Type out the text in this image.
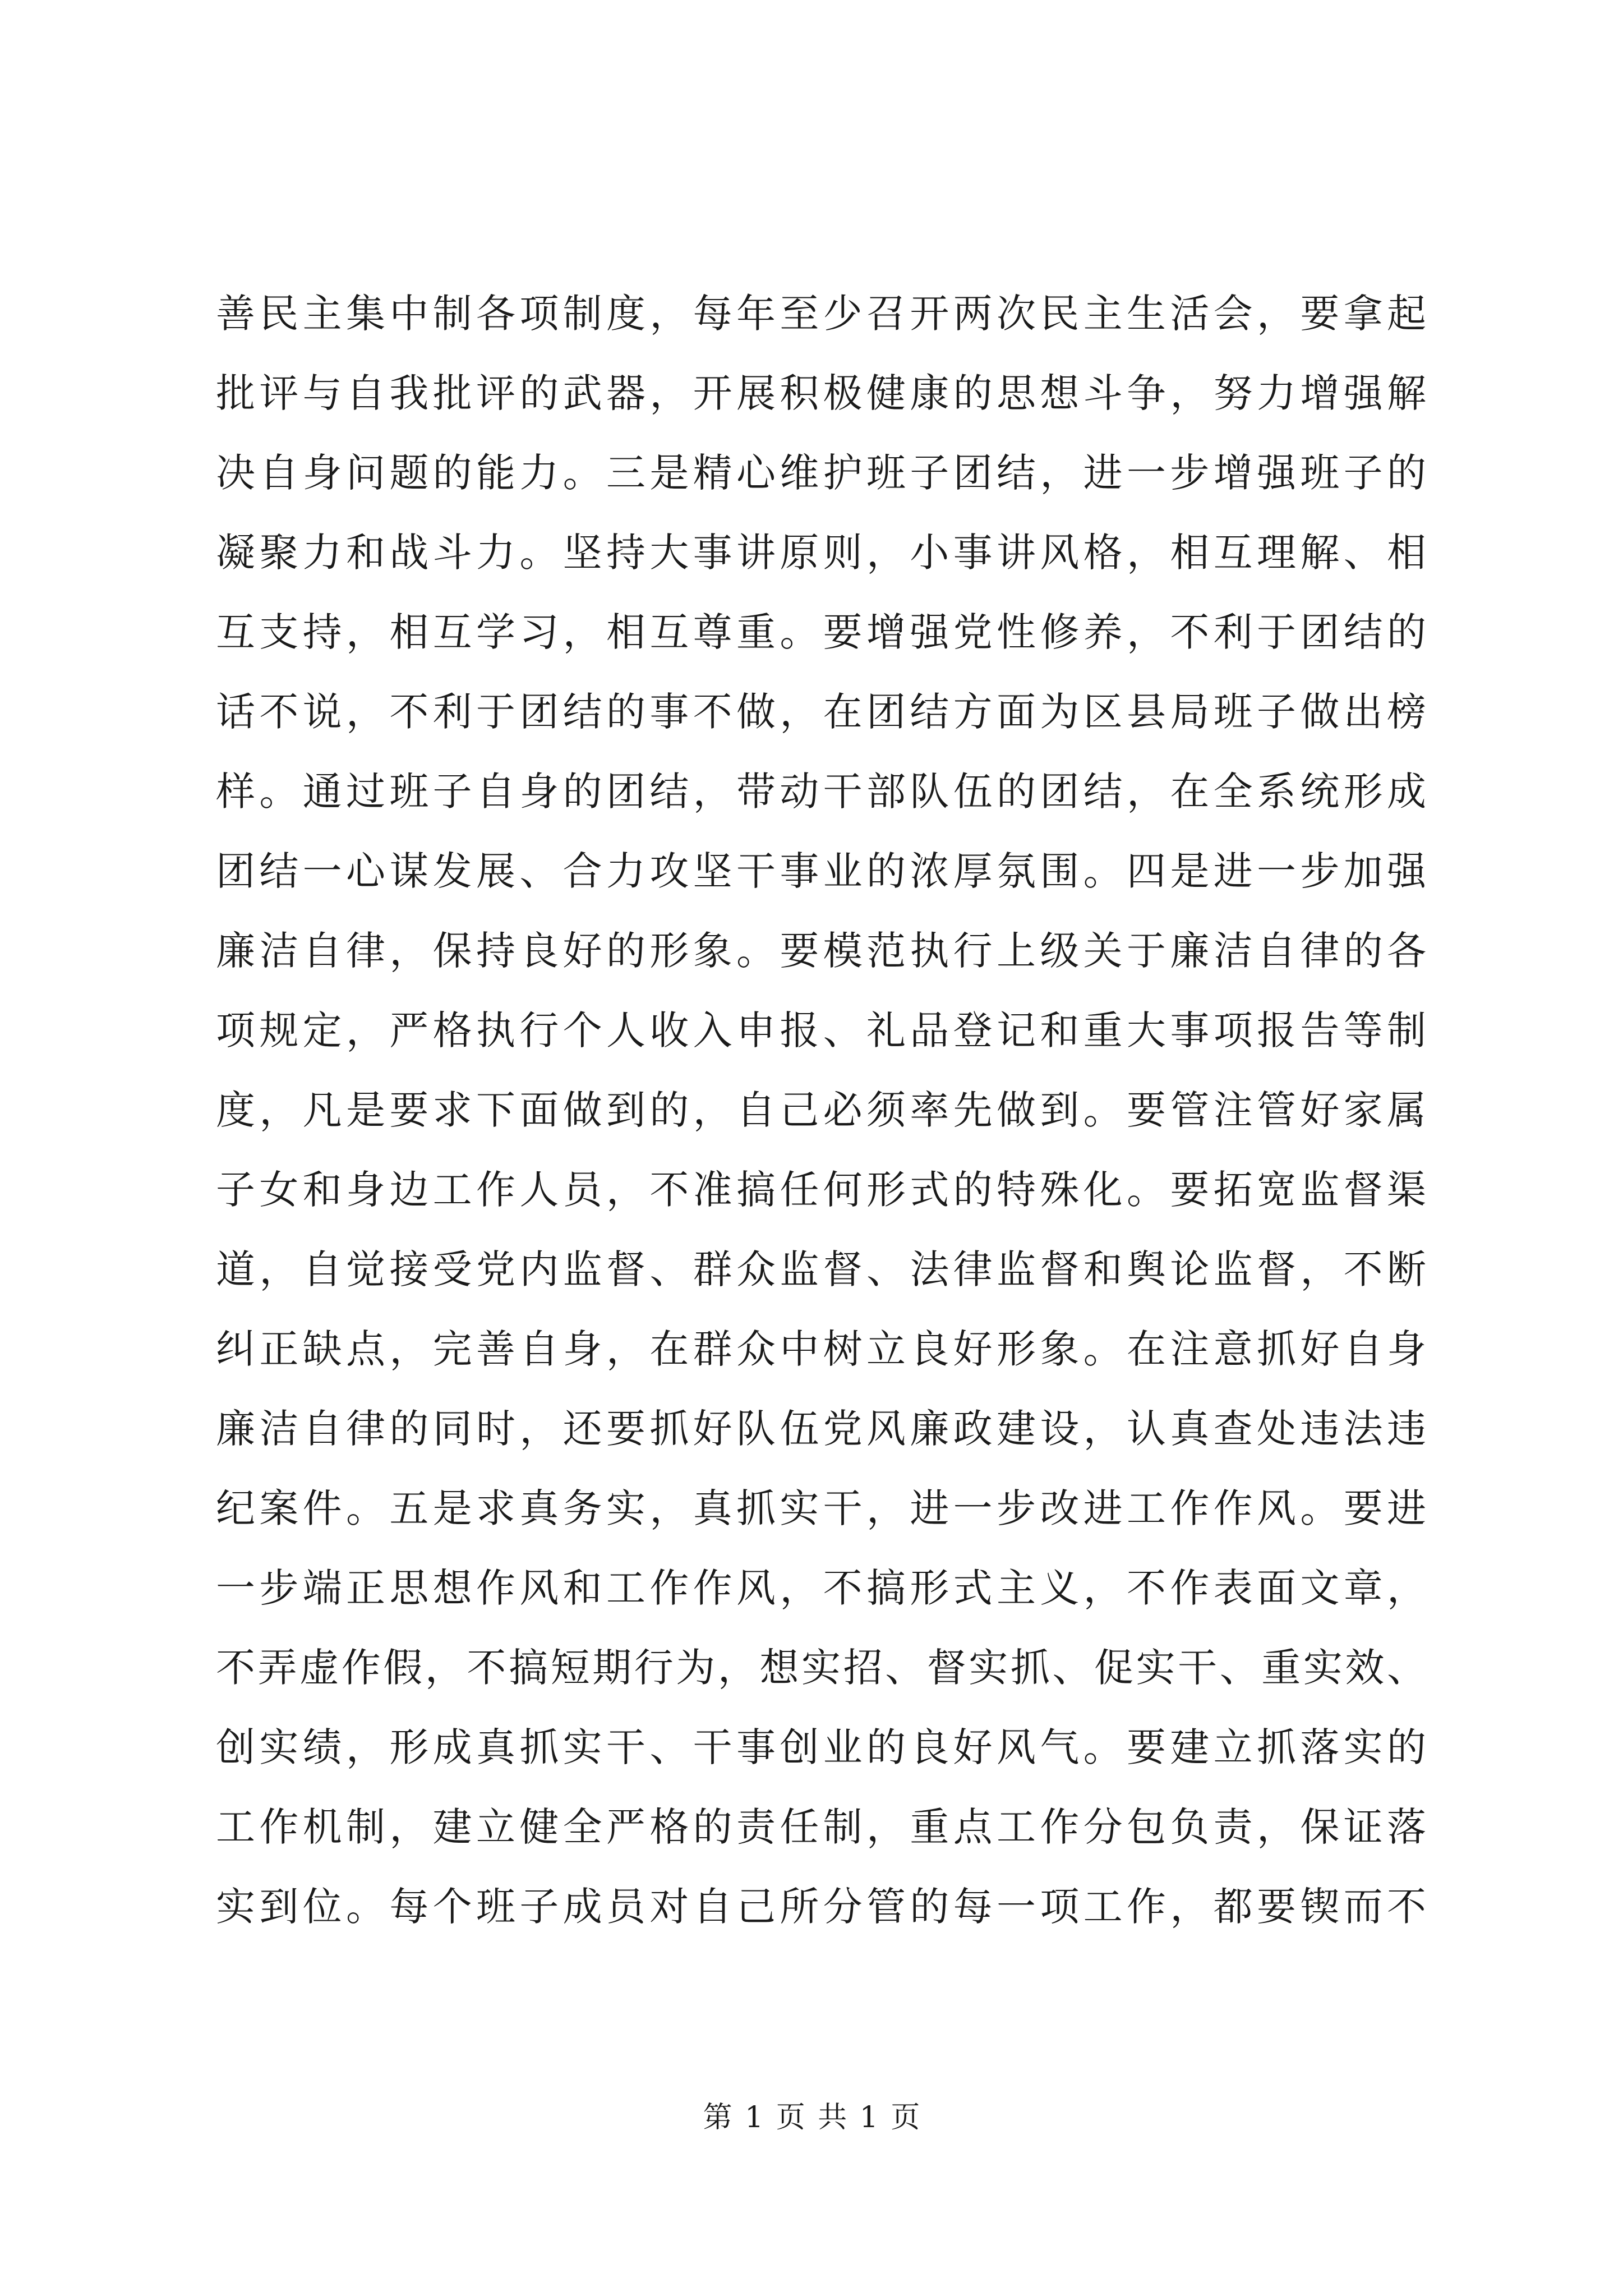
善民主集中制各项制度，每年至少召开两次民主生活会，要拿起
批评与自我批评的武器，开展积极健康的思想斗争，努力增强解
决自身问题的能力。三是精心维护班子团结，进一步增强班子的
凝聚力和战斗力。坚持大事讲原则，小事讲风格，相互理解、相
互支持，相互学习，相互尊重。要增强党性修养，不利于团结的
话不说，不利于团结的事不做，在团结方面为区县局班子做出榜
样。通过班子自身的团结，带动干部队伍的团结，在全系统形成
团结一心谋发展、合力攻坚干事业的浓厚氛围。四是进一步加强
廉洁自律，保持良好的形象。要模范执行上级关于廉洁自律的各
项规定，严格执行个人收入申报、礼品登记和重大事项报告等制
度，凡是要求下面做到的，自己必须率先做到。要管注管好家属
子女和身边工作人员，不准搞任何形式的特殊化。要拓宽监督渠
道，自觉接受党内监督、群众监督、法律监督和舆论监督，不断
纠正缺点，完善自身，在群众中树立良好形象。在注意抓好自身
廉洁自律的同时，还要抓好队伍党风廉政建设，认真查处违法违
纪案件。五是求真务实，真抓实干，进一步改进工作作风。要进
一步端正思想作风和工作作风，不搞形式主义，不作表面文章，
不弄虚作假，不搞短期行为，想实招、督实抓、促实干、重实效、
创实绩，形成真抓实干、干事创业的良好风气。要建立抓落实的
工作机制，建立健全严格的责任制，重点工作分包负责，保证落
实到位。每个班子成员对自己所分管的每一项工作，都要锲而不
第 1 页 共 1 页
